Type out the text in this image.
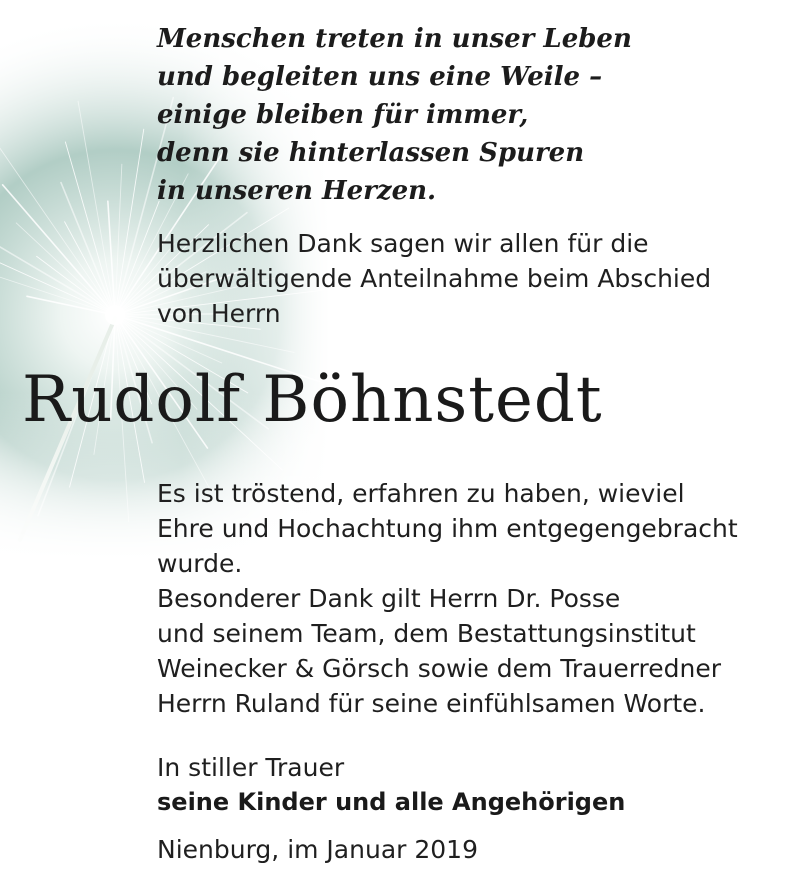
Menschen treten in unser Leben
und begleiten uns eine Weile –
einige bleiben für immer,
denn sie hinterlassen Spuren
in unseren Herzen.
Herzlichen Dank sagen wir allen für die
überwältigende Anteilnahme beim Abschied
von Herrn
Rudolf Böhnstedt
Es ist tröstend, erfahren zu haben, wieviel
Ehre und Hochachtung ihm entgegengebracht
wurde.
Besonderer Dank gilt Herrn Dr. Posse
und seinem Team, dem Bestattungsinstitut
Weinecker & Görsch sowie dem Trauerredner
Herrn Ruland für seine einfühlsamen Worte.
In stiller Trauer
seine Kinder und alle Angehörigen
Nienburg, im Januar 2019
